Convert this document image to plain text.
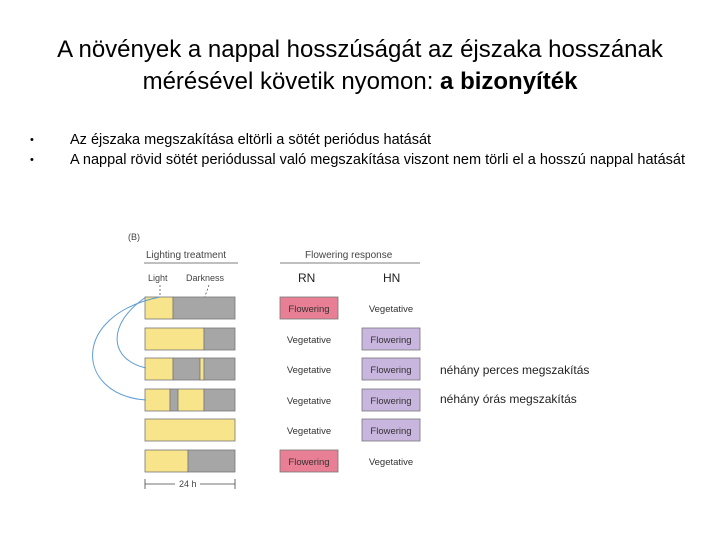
A növények a nappal hosszúságát az éjszaka hosszának
mérésével követik nyomon: a bizonyíték
• Az éjszaka megszakítása eltörli a sötét periódus hatását
• A nappal rövid sötét periódussal való megszakítása viszont nem törli el a hosszú nappal hatását
(B)
Lighting treatment	Flowering response
Light Darkness	RN	HN
24 h
Flowering	Vegetative
Vegetative	Flowering
Vegetative	Flowering
Vegetative	Flowering
Vegetative	Flowering
Flowering	Vegetative
néhány perces megszakítás
néhány órás megszakítás
